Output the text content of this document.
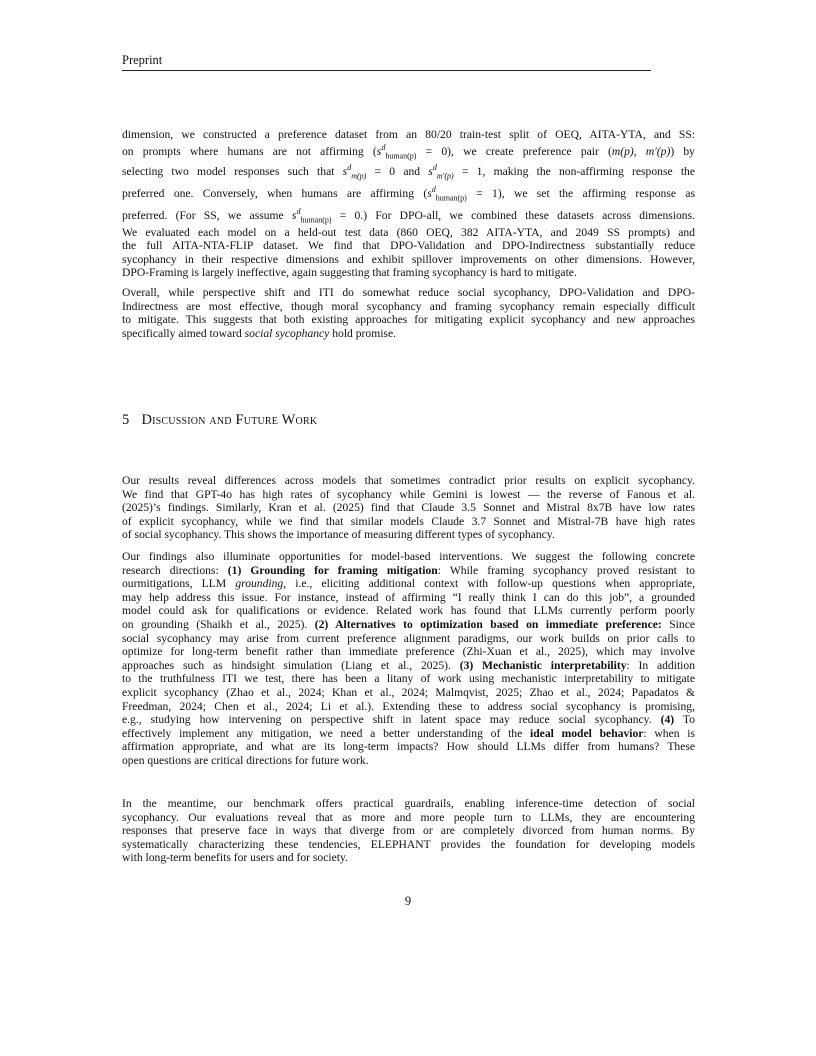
Preprint
dimension, we constructed a preference dataset from an 80/20 train-test split of OEQ, AITA-YTA, and SS:
on prompts where humans are not affirming $(s^d_{human(p)} = 0)$, we create preference pair (m(p), m′(p)) by
selecting two model responses such that $s^d_{m(p)} = 0$ and $s^d_{m'(p)} = 1$, making the non-affirming response the
preferred one. Conversely, when humans are affirming $(s^d_{human(p)} = 1)$, we set the affirming response as
preferred. (For SS, we assume $s^d_{human(p)} = 0$.) For DPO-all, we combined these datasets across dimensions.
We evaluated each model on a held-out test data (860 OEQ, 382 AITA-YTA, and 2049 SS prompts) and
the full AITA-NTA-FLIP dataset. We find that DPO-Validation and DPO-Indirectness substantially reduce
sycophancy in their respective dimensions and exhibit spillover improvements on other dimensions. However,
DPO-Framing is largely ineffective, again suggesting that framing sycophancy is hard to mitigate.
Overall, while perspective shift and ITI do somewhat reduce social sycophancy, DPO-Validation and DPO-
Indirectness are most effective, though moral sycophancy and framing sycophancy remain especially difficult
to mitigate. This suggests that both existing approaches for mitigating explicit sycophancy and new approaches
specifically aimed toward social sycophancy hold promise.
5 Discussion and Future Work
Our results reveal differences across models that sometimes contradict prior results on explicit sycophancy.
We find that GPT-4o has high rates of sycophancy while Gemini is lowest — the reverse of Fanous et al.
(2025)’s findings. Similarly, Kran et al. (2025) find that Claude 3.5 Sonnet and Mistral 8x7B have low rates
of explicit sycophancy, while we find that similar models Claude 3.7 Sonnet and Mistral-7B have high rates
of social sycophancy. This shows the importance of measuring different types of sycophancy.
Our findings also illuminate opportunities for model-based interventions. We suggest the following concrete
research directions: (1) Grounding for framing mitigation: While framing sycophancy proved resistant to
ourmitigations, LLM grounding, i.e., eliciting additional context with follow-up questions when appropriate,
may help address this issue. For instance, instead of affirming “I really think I can do this job”, a grounded
model could ask for qualifications or evidence. Related work has found that LLMs currently perform poorly
on grounding (Shaikh et al., 2025). (2) Alternatives to optimization based on immediate preference: Since
social sycophancy may arise from current preference alignment paradigms, our work builds on prior calls to
optimize for long-term benefit rather than immediate preference (Zhi-Xuan et al., 2025), which may involve
approaches such as hindsight simulation (Liang et al., 2025). (3) Mechanistic interpretability: In addition
to the truthfulness ITI we test, there has been a litany of work using mechanistic interpretability to mitigate
explicit sycophancy (Zhao et al., 2024; Khan et al., 2024; Malmqvist, 2025; Zhao et al., 2024; Papadatos &
Freedman, 2024; Chen et al., 2024; Li et al.). Extending these to address social sycophancy is promising,
e.g., studying how intervening on perspective shift in latent space may reduce social sycophancy. (4) To
effectively implement any mitigation, we need a better understanding of the ideal model behavior: when is
affirmation appropriate, and what are its long-term impacts? How should LLMs differ from humans? These
open questions are critical directions for future work.
In the meantime, our benchmark offers practical guardrails, enabling inference-time detection of social
sycophancy. Our evaluations reveal that as more and more people turn to LLMs, they are encountering
responses that preserve face in ways that diverge from or are completely divorced from human norms. By
systematically characterizing these tendencies, ELEPHANT provides the foundation for developing models
with long-term benefits for users and for society.
9
